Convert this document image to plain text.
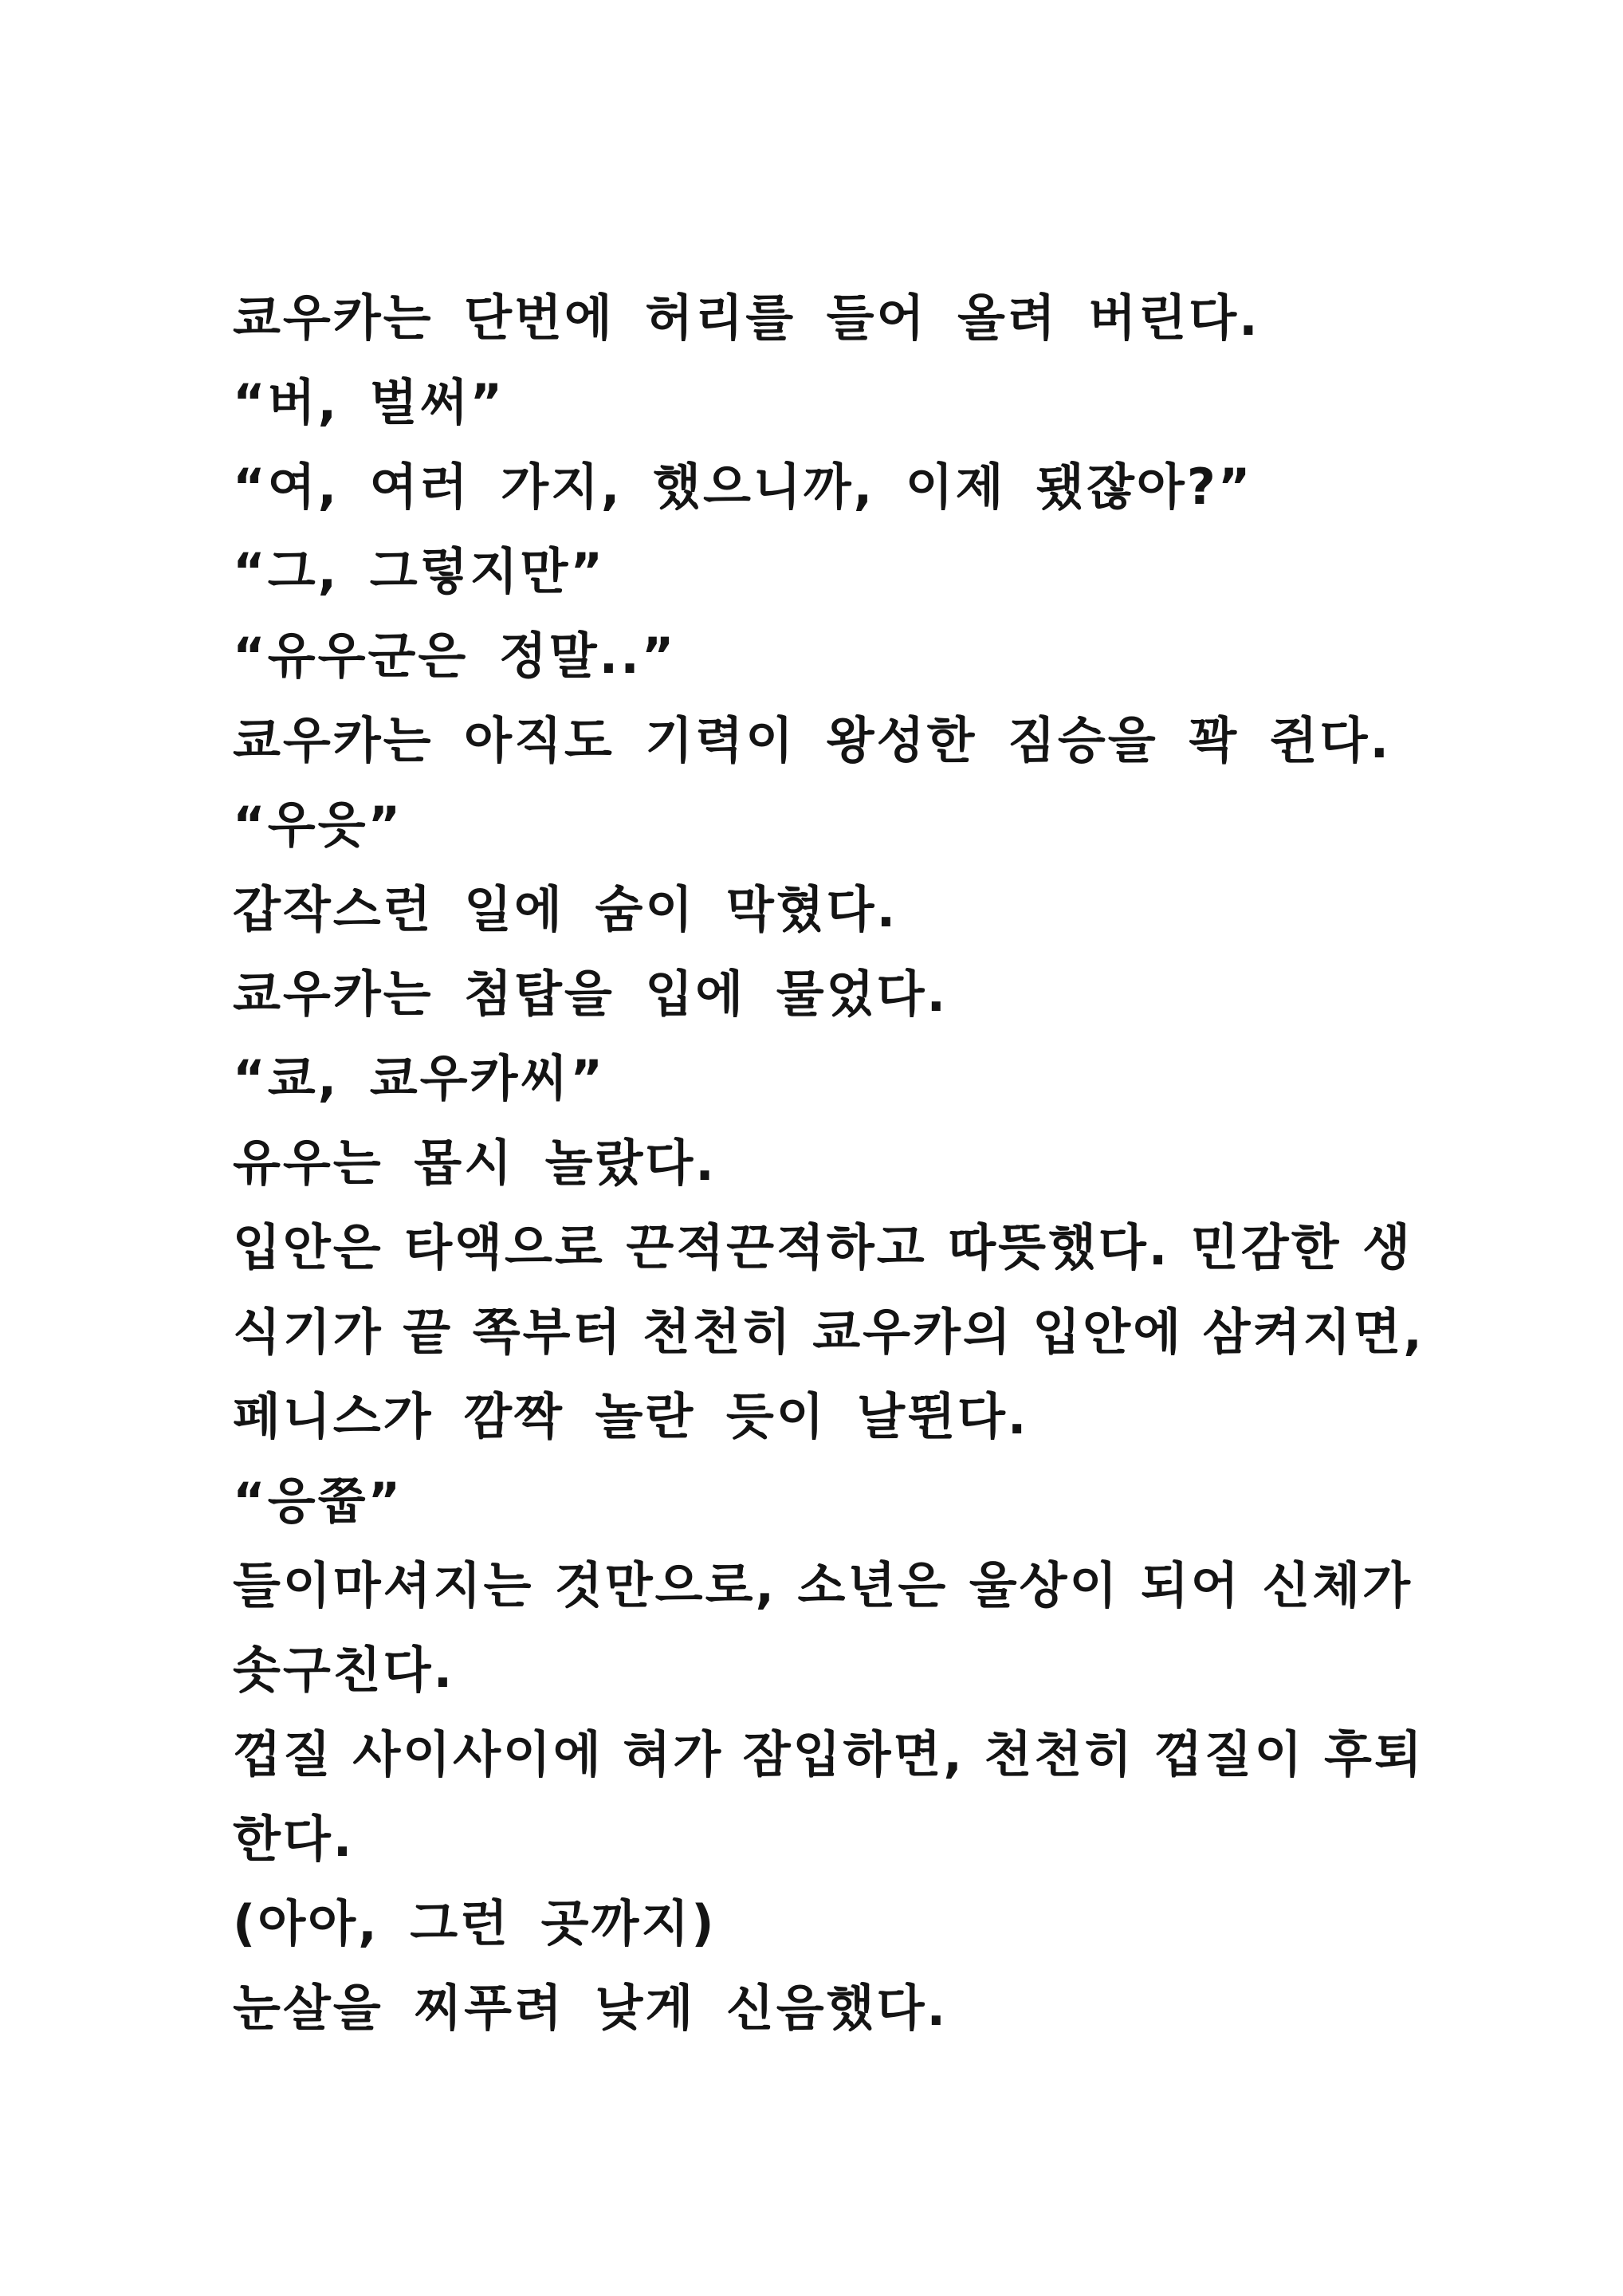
쿄우카는 단번에 허리를 들어 올려 버린다.
“버, 벌써”
“여, 여러 가지, 했으니까, 이제 됐잖아?”
“그, 그렇지만”
“유우군은 정말..”
쿄우카는 아직도 기력이 왕성한 짐승을 꽉 쥔다.
“우읏”
갑작스런 일에 숨이 막혔다.
쿄우카는 첨탑을 입에 물었다.
“쿄, 쿄우카씨”
유우는 몹시 놀랐다.
입안은 타액으로 끈적끈적하고 따뜻했다. 민감한 생
식기가 끝 쪽부터 천천히 쿄우카의 입안에 삼켜지면,
페니스가 깜짝 놀란 듯이 날뛴다.
“응쭙”
들이마셔지는 것만으로, 소년은 울상이 되어 신체가
솟구친다.
껍질 사이사이에 혀가 잠입하면, 천천히 껍질이 후퇴
한다.
(아아, 그런 곳까지)
눈살을 찌푸려 낮게 신음했다.
